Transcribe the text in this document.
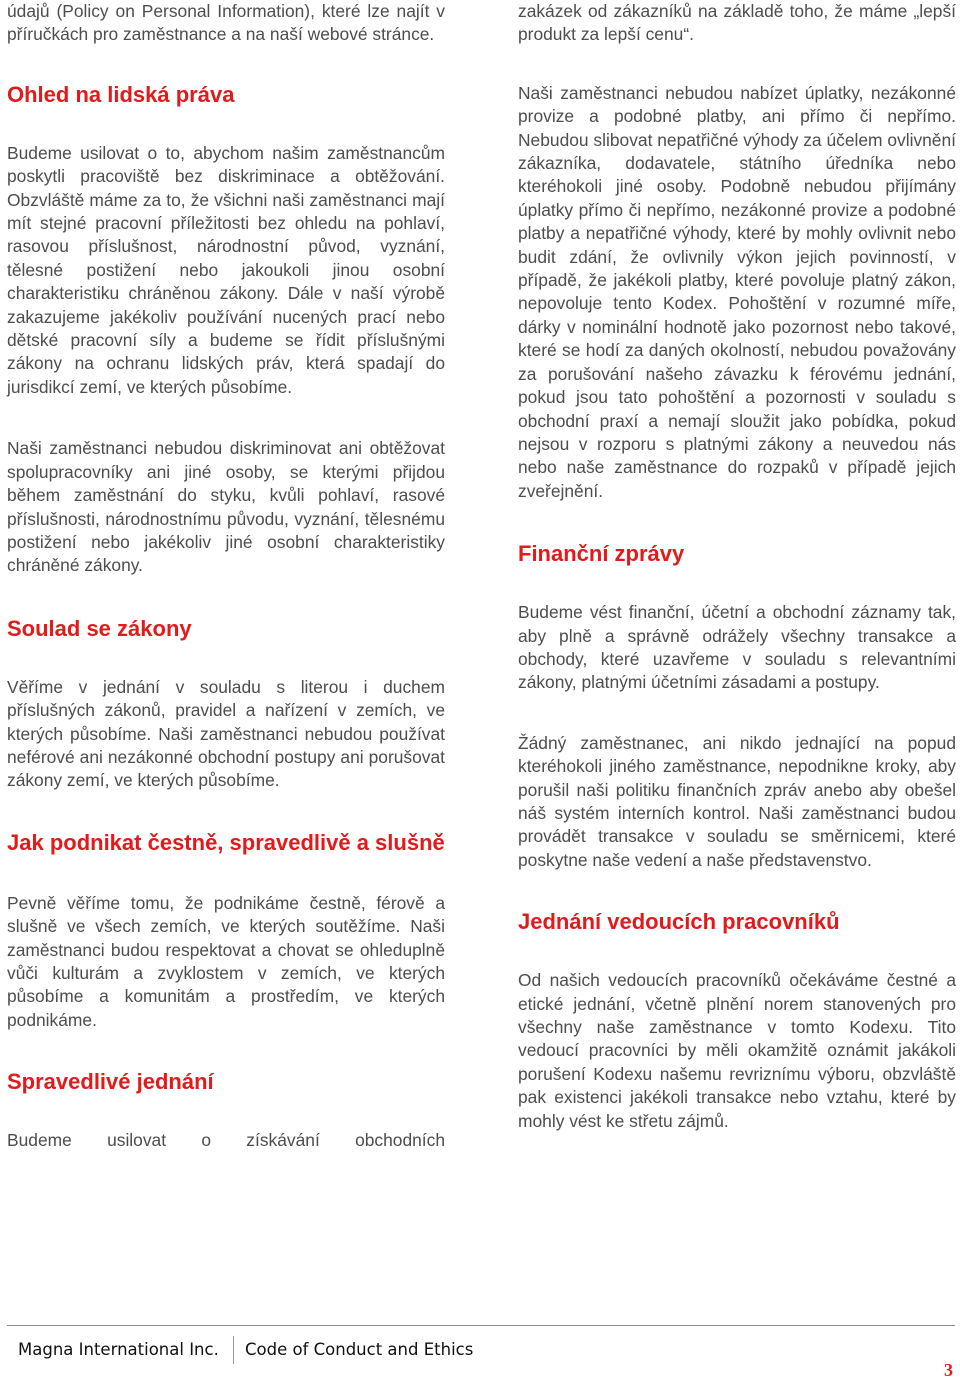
údajů (Policy on Personal Information), které lze najít v příručkách pro zaměstnance a na naší webové stránce.

Ohled na lidská práva

Budeme usilovat o to, abychom našim zaměstnancům poskytli pracoviště bez diskriminace a obtěžování. Obzvláště máme za to, že všichni naši zaměstnanci mají mít stejné pracovní příležitosti bez ohledu na pohlaví, rasovou příslušnost, národnostní původ, vyznání, tělesné postižení nebo jakoukoli jinou osobní charakteristiku chráněnou zákony. Dále v naší výrobě zakazujeme jakékoliv používání nucených prací nebo dětské pracovní síly a budeme se řídit příslušnými zákony na ochranu lidských práv, která spadají do jurisdikcí zemí, ve kterých působíme.

Naši zaměstnanci nebudou diskriminovat ani obtěžovat spolupracovníky ani jiné osoby, se kterými přijdou během zaměstnání do styku, kvůli pohlaví, rasové příslušnosti, národnostnímu původu, vyznání, tělesnému postižení nebo jakékoliv jiné osobní charakteristiky chráněné zákony.

Soulad se zákony

Věříme v jednání v souladu s literou i duchem příslušných zákonů, pravidel a nařízení v zemích, ve kterých působíme. Naši zaměstnanci nebudou používat neférové ani nezákonné obchodní postupy ani porušovat zákony zemí, ve kterých působíme.

Jak podnikat čestně, spravedlivě a slušně

Pevně věříme tomu, že podnikáme čestně, férově a slušně ve všech zemích, ve kterých soutěžíme. Naši zaměstnanci budou respektovat a chovat se ohleduplně vůči kulturám a zvyklostem v zemích, ve kterých působíme a komunitám a prostředím, ve kterých podnikáme.

Spravedlivé jednání

Budeme usilovat o získávání obchodních

zakázek od zákazníků na základě toho, že máme „lepší produkt za lepší cenu“.

Naši zaměstnanci nebudou nabízet úplatky, nezákonné provize a podobné platby, ani přímo či nepřímo. Nebudou slibovat nepatřičné výhody za účelem ovlivnění zákazníka, dodavatele, státního úředníka nebo kteréhokoli jiné osoby. Podobně nebudou přijímány úplatky přímo či nepřímo, nezákonné provize a podobné platby a nepatřičné výhody, které by mohly ovlivnit nebo budit zdání, že ovlivnily výkon jejich povinností, v případě, že jakékoli platby, které povoluje platný zákon, nepovoluje tento Kodex. Pohoštění v rozumné míře, dárky v nominální hodnotě jako pozornost nebo takové, které se hodí za daných okolností, nebudou považovány za porušování našeho závazku k férovému jednání, pokud jsou tato pohoštění a pozornosti v souladu s obchodní praxí a nemají sloužit jako pobídka, pokud nejsou v rozporu s platnými zákony a neuvedou nás nebo naše zaměstnance do rozpaků v případě jejich zveřejnění.

Finanční zprávy

Budeme vést finanční, účetní a obchodní záznamy tak, aby plně a správně odrážely všechny transakce a obchody, které uzavřeme v souladu s relevantními zákony, platnými účetními zásadami a postupy.

Žádný zaměstnanec, ani nikdo jednající na popud kteréhokoli jiného zaměstnance, nepodnikne kroky, aby porušil naši politiku finančních zpráv anebo aby obešel náš systém interních kontrol. Naši zaměstnanci budou provádět transakce v souladu se směrnicemi, které poskytne naše vedení a naše představenstvo.

Jednání vedoucích pracovníků

Od našich vedoucích pracovníků očekáváme čestné a etické jednání, včetně plnění norem stanovených pro všechny naše zaměstnance v tomto Kodexu. Tito vedoucí pracovníci by měli okamžitě oznámit jakákoli porušení Kodexu našemu revriznímu výboru, obzvláště pak existenci jakékoli transakce nebo vztahu, které by mohly vést ke střetu zájmů.

Magna International Inc. Code of Conduct and Ethics
3
